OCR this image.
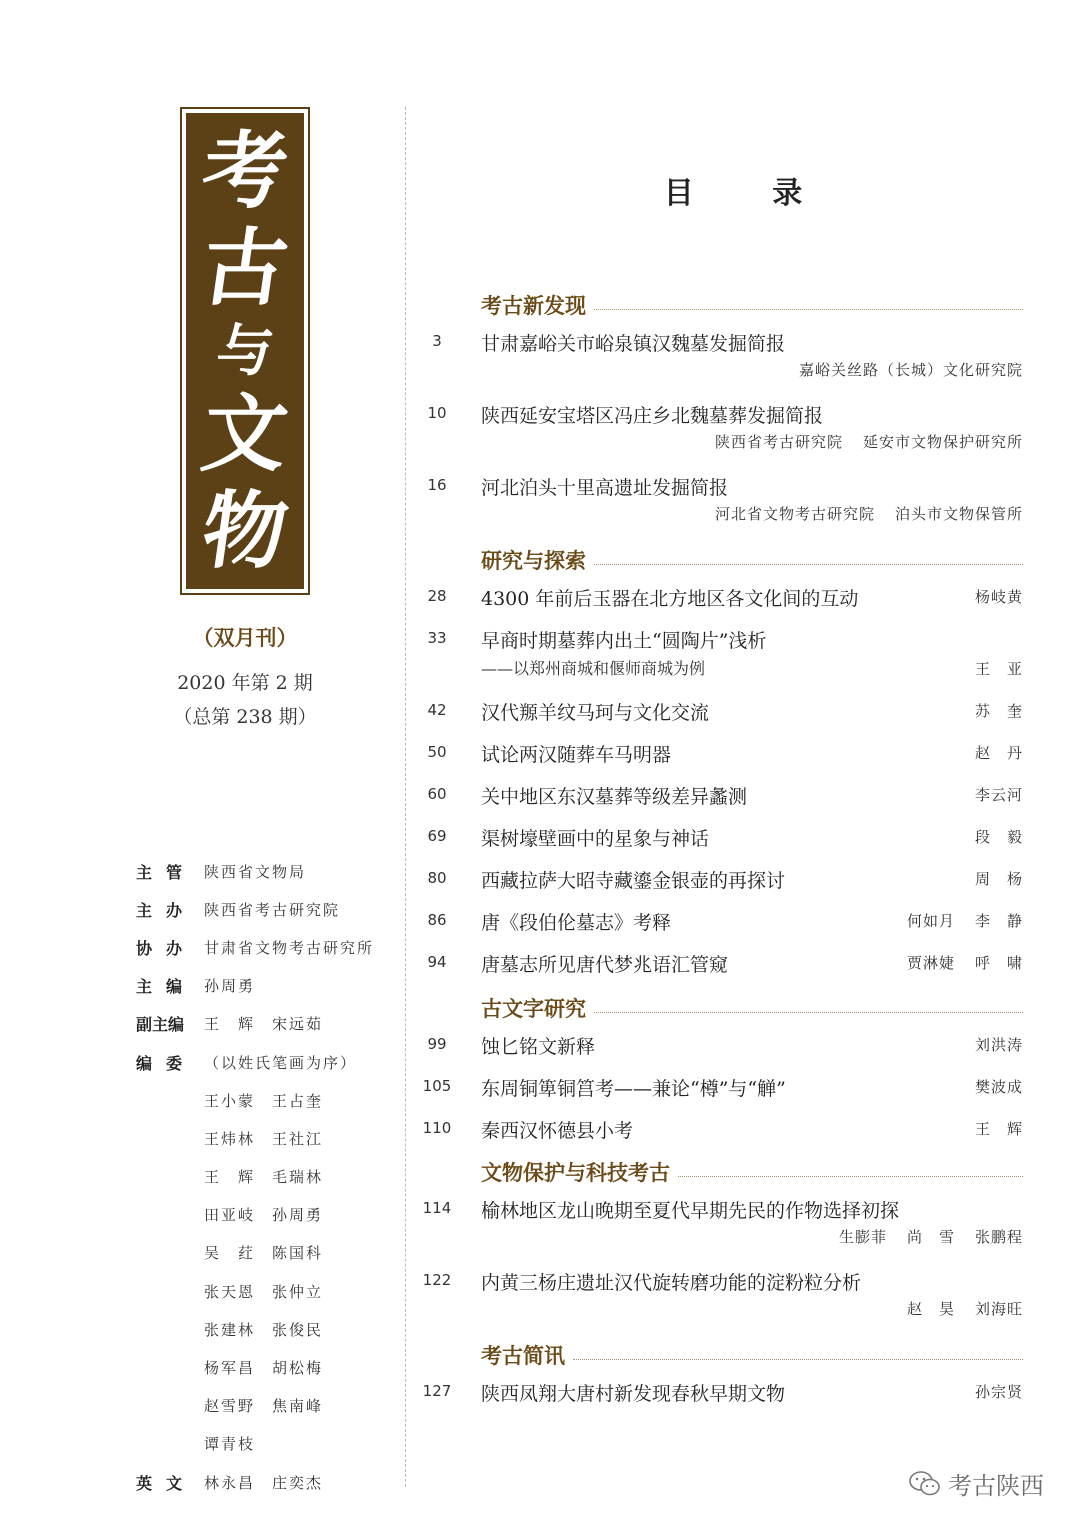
考
古
与
文
物
（双月刊）
2020 年第 2 期
（总第 238 期）
主管 陕西省文物局
主办 陕西省考古研究院
协办 甘肃省文物考古研究所
主编 孙周勇
副主编	王　辉　宋远茹
编委 （以姓氏笔画为序）
王小蒙　王占奎
王炜林　王社江
王　辉　毛瑞林
田亚岐　孙周勇
吴　荭　陈国科
张天恩　张仲立
张建林　张俊民
杨军昌　胡松梅
赵雪野　焦南峰
谭青枝
英文 林永昌　庄奕杰
目 录
考古新发现
3	甘肃嘉峪关市峪泉镇汉魏墓发掘简报
嘉峪关丝路（长城）文化研究院
10	陕西延安宝塔区冯庄乡北魏墓葬发掘简报
陕西省考古研究院 延安市文物保护研究所
16	河北泊头十里高遗址发掘简报
河北省文物考古研究院 泊头市文物保管所
研究与探索
28	4300 年前后玉器在北方地区各文化间的互动	杨岐黄
33	早商时期墓葬内出土“圆陶片”浅析
——以郑州商城和偃师商城为例	王　亚
42	汉代羱羊纹马珂与文化交流	苏　奎
50	试论两汉随葬车马明器	赵　丹
60	关中地区东汉墓葬等级差异蠡测	李云河
69	渠树壕壁画中的星象与神话	段　毅
80	西藏拉萨大昭寺藏鎏金银壶的再探讨	周　杨
86	唐《段伯伦墓志》考释	何如月 李　静
94	唐墓志所见唐代梦兆语汇管窥	贾淋婕 呼　啸
古文字研究
99	蚀匕铭文新释	刘洪涛
105	东周铜箄铜筥考——兼论“樽”与“觯”	樊波成
110	秦西汉怀德县小考	王　辉
文物保护与科技考古
114	榆林地区龙山晚期至夏代早期先民的作物选择初探
生膨菲 尚　雪 张鹏程
122	内黄三杨庄遗址汉代旋转磨功能的淀粉粒分析
赵　昊 刘海旺
考古简讯
127	陕西凤翔大唐村新发现春秋早期文物	孙宗贤
考古陕西
